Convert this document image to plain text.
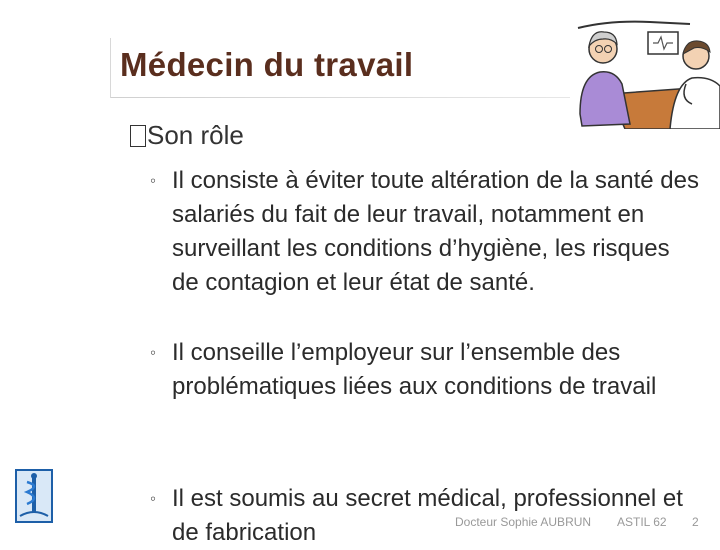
Médecin du travail
Son rôle
◦ Il consiste à éviter toute altération de la santé des salariés du fait de leur travail, notamment en surveillant les conditions d’hygiène, les risques de contagion et leur état de santé.
◦ Il conseille l’employeur sur l’ensemble des problématiques liées aux conditions de travail
◦ Il est soumis au secret médical, professionnel et de fabrication	Docteur Sophie AUBRUN ASTIL 62 2
